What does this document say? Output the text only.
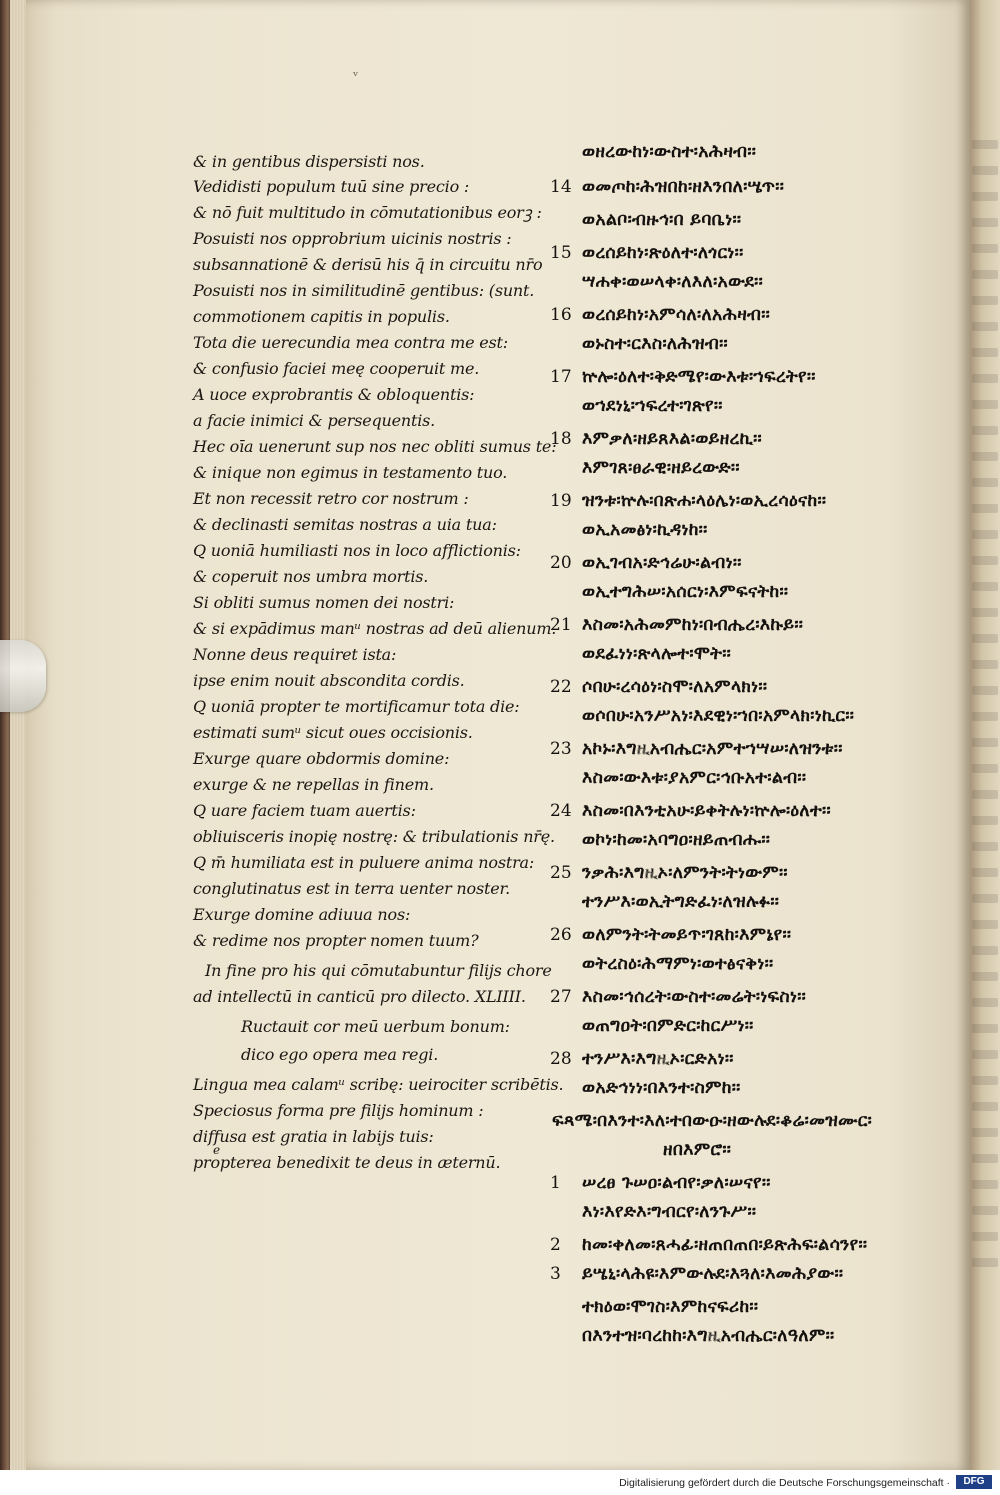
ᵥ
& in gentibus dispersisti nos.
Vedidisti populum tuū sine precio :
& nō fuit multitudo in cōmutationibus eorꝫ :
Posuisti nos opprobrium uicinis nostris :
subsannationē & derisū his q̄ in circuitu nr̄o
Posuisti nos in similitudinē gentibus: (sunt.
commotionem capitis in populis.
Tota die uerecundia mea contra me est:
& confusio faciei meę cooperuit me.
A uoce exprobrantis & obloquentis:
a facie inimici & persequentis.
Hec oīa uenerunt sup nos nec obliti sumus te:
& inique non egimus in testamento tuo.
Et non recessit retro cor nostrum :
& declinasti semitas nostras a uia tua:
Q uoniā humiliasti nos in loco afflictionis:
& coperuit nos umbra mortis.
Si obliti sumus nomen dei nostri:
& si expādimus manᵘ nostras ad deū alienum.
Nonne deus requiret ista:
ipse enim nouit abscondita cordis.
Q uoniā propter te mortificamur tota die:
estimati sumᵘ sicut oues occisionis.
Exurge quare obdormis domine:
exurge & ne repellas in finem.
Q uare faciem tuam auertis:
obliuisceris inopię nostrę: & tribulationis nr̄ę.
Q m̄ humiliata est in puluere anima nostra:
conglutinatus est in terra uenter noster.
Exurge domine adiuua nos:
& redime nos propter nomen tuum?
In fine pro his qui cōmutabuntur filijs chore
ad intellectū in canticū pro dilecto. XLIIII.
Ructauit cor meū uerbum bonum:
dico ego opera mea regi.
Lingua mea calamᵘ scribę: ueirociter scribētis.
Speciosus forma pre filijs hominum :
diffusa est gratia in labijs tuis:
propterea benedixit te deus in æternū.
e
ወዘረውከነ፡ውስተ፡አሕዛብ፡፡
14 ወመጦከ፡ሕዝበከ፡ዘእንበለ፡ሤጥ፡፡
ወአልቦ፡ብዙኅ፡በ ይባቤነ፡፡
15 ወረሰይከነ፡ጽዕለተ፡ለጎርነ፡፡
ሣሐቀ፡ወሠላቀ፡ለእለ፡አውደ፡፡
16 ወረሰይከነ፡አምሳለ፡ለአሕዛብ፡፡
ወኑስተ፡ርእስ፡ለሕዝብ፡፡
17 ኵሎ፡ዕለተ፡ቅድሜየ፡ውእቱ፡ኀፍረትየ፡፡
ወኀደነኒ፡ኀፍረተ፡ገጽየ፡፡
18 እምቃለ፡ዘይጸእል፡ወይዘረኪ፡፡
እምገጸ፡ፀራዊ፡ዘይረውድ፡፡
19 ዝንቱ፡ኵሉ፡በጽሐ፡ላዕሌነ፡ወኢረሳዕናከ፡፡
ወኢአመፅነ፡ኪዳነከ፡፡
20 ወኢገብአ፡ድኅሬሁ፡ልብነ፡፡
ወኢተግሕሠ፡አሰርነ፡እምፍናትከ፡፡
21 እስመ፡አሕመምከነ፡በብሔረ፡እኩይ፡፡
ወደፈነነ፡ጽላሎተ፡ሞት፡፡
22 ሶበሁ፡ረሳዕነ፡ስሞ፡ለአምላክነ፡፡
ወሶበሁ፡አንሥአነ፡እደዊነ፡ኀበ፡አምላክ፡ነኪር፡፡
23 አኮኑ፡እግዚአብሔር፡አምተኀሣሠ፡ለዝንቱ፡፡
እስመ፡ውእቱ፡ያአምር፡ኅቡአተ፡ልብ፡፡
24 እስመ፡በእንቲአሁ፡ይቀትሉነ፡ኵሎ፡ዕለተ፡፡
ወኮነ፡ከመ፡አባግዐ፡ዘይጠብሑ፡፡
25 ንቃሕ፡እግዚኦ፡ለምንት፡ትነውም፡፡
ተንሥእ፡ወኢትግድፈነ፡ለዝሉፉ፡፡
26 ወለምንት፡ትመይጥ፡ገጸከ፡እምኔየ፡፡
ወትረስዕ፡ሕማምነ፡ወተፅናቅነ፡፡
27 እስመ፡ኅሰረት፡ውስተ፡መሬት፡ነፍስነ፡፡
ወጠግዐት፡በምድር፡ከርሥነ፡፡
28 ተንሥእ፡እግዚኦ፡ርድአነ፡፡
ወአድኅነነ፡በእንተ፡ስምከ፡፡
ፍጻሜ፡በእንተ፡እለ፡ተበውዑ፡ዘውሉደ፡ቆሬ፡መዝሙር፡
ዘበእምሮ፡፡
1	ሠረፀ ጉሠዐ፡ልብየ፡ቃለ፡ሠናየ፡፡
እነ፡እየድእ፡ግብርየ፡ለንጉሥ፡፡
2	ከመ፡ቀለመ፡ጸሓፊ፡ዘጠበጠበ፡ይጽሕፍ፡ልሳንየ፡፡
3	ይሤኒ፡ላሕዩ፡እምውሉደ፡እጓለ፡እመሕያው፡፡
ተክዕወ፡ሞገስ፡እምከናፍሪከ፡፡
በእንተዝ፡ባረከከ፡እግዚአብሔር፡ለዓለም፡፡
Digitalisierung gefördert durch die Deutsche Forschungsgemeinschaft ·	DFG
